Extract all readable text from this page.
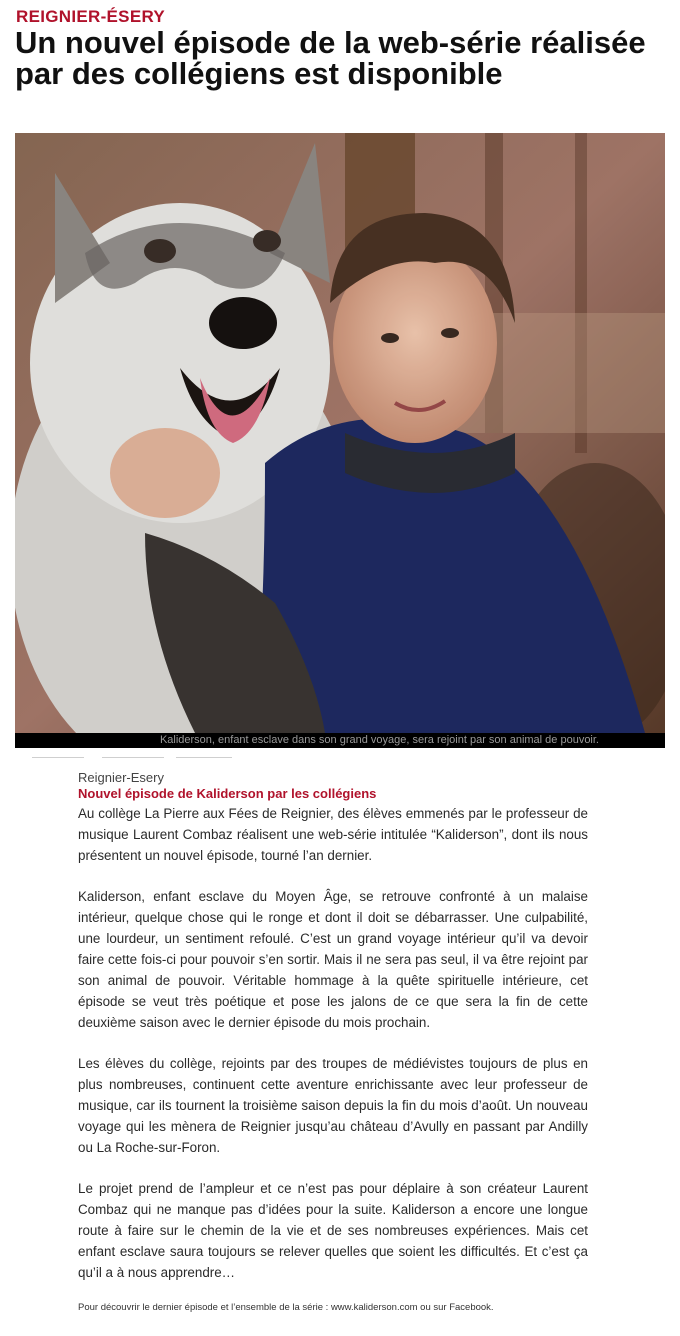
REIGNIER-ÉSERY
Un nouvel épisode de la web-série réalisée par des collégiens est disponible
Kaliderson, enfant esclave dans son grand voyage, sera rejoint par son animal de pouvoir.
Reignier-Esery
Nouvel épisode de Kaliderson par les collégiens

Au collège La Pierre aux Fées de Reignier, des élèves emmenés par le professeur de musique Laurent Combaz réalisent une web-série intitulée “Kaliderson”, dont ils nous présentent un nouvel épisode, tourné l’an dernier.

Kaliderson, enfant esclave du Moyen Âge, se retrouve confronté à un malaise intérieur, quelque chose qui le ronge et dont il doit se débarrasser. Une culpabilité, une lourdeur, un sentiment refoulé. C’est un grand voyage intérieur qu’il va devoir faire cette fois-ci pour pouvoir s’en sortir. Mais il ne sera pas seul, il va être rejoint par son animal de pouvoir. Véritable hommage à la quête spirituelle intérieure, cet épisode se veut très poétique et pose les jalons de ce que sera la fin de cette deuxième saison avec le dernier épisode du mois prochain.

Les élèves du collège, rejoints par des troupes de médiévistes toujours de plus en plus nombreuses, continuent cette aventure enrichissante avec leur professeur de musique, car ils tournent la troisième saison depuis la fin du mois d’août. Un nouveau voyage qui les mènera de Reignier jusqu’au château d’Avully en passant par Andilly ou La Roche-sur-Foron.

Le projet prend de l’ampleur et ce n’est pas pour déplaire à son créateur Laurent Combaz qui ne manque pas d’idées pour la suite. Kaliderson a encore une longue route à faire sur le chemin de la vie et de ses nombreuses expériences. Mais cet enfant esclave saura toujours se relever quelles que soient les difficultés. Et c’est ça qu’il a à nous apprendre…

Pour découvrir le dernier épisode et l’ensemble de la série : www.kaliderson.com ou sur Facebook.
